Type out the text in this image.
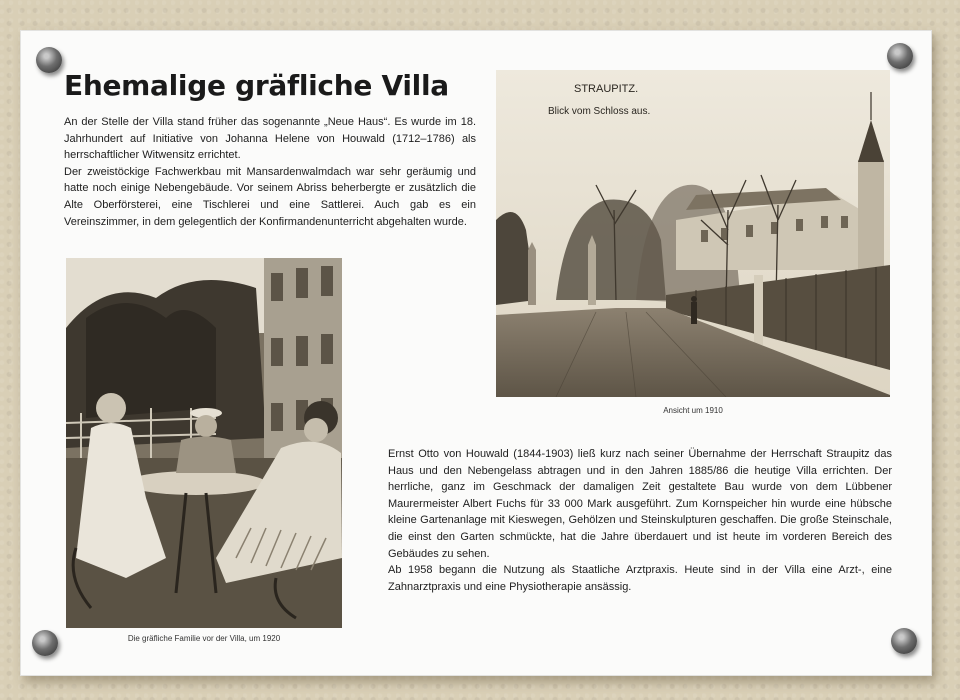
Ehemalige gräfliche Villa

An der Stelle der Villa stand früher das sogenannte „Neue Haus“. Es wurde im 18. Jahrhundert auf Initiative von Johanna Helene von Houwald (1712–1786) als herrschaftlicher Witwensitz errichtet.

Der zweistöckige Fachwerkbau mit Mansardenwalmdach war sehr geräumig und hatte noch einige Nebengebäude. Vor seinem Abriss beherbergte er zusätzlich die Alte Oberförsterei, eine Tischlerei und eine Sattlerei. Auch gab es ein Vereinszimmer, in dem gelegentlich der Konfirmandenunterricht abgehalten wurde.

STRAUPITZ.
Blick vom Schloss aus.
Ansicht um 1910
Die gräfliche Familie vor der Villa, um 1920

Ernst Otto von Houwald (1844-1903) ließ kurz nach seiner Übernahme der Herrschaft Straupitz das Haus und den Nebengelass abtragen und in den Jahren 1885/86 die heutige Villa errichten. Der herrliche, ganz im Geschmack der damaligen Zeit gestaltete Bau wurde von dem Lübbener Maurermeister Albert Fuchs für 33 000 Mark ausgeführt. Zum Kornspeicher hin wurde eine hübsche kleine Gartenanlage mit Kieswegen, Gehölzen und Steinskulpturen geschaffen. Die große Steinschale, die einst den Garten schmückte, hat die Jahre überdauert und ist heute im vorderen Bereich des Gebäudes zu sehen.

Ab 1958 begann die Nutzung als Staatliche Arztpraxis. Heute sind in der Villa eine Arzt-, eine Zahnarztpraxis und eine Physiotherapie ansässig.
